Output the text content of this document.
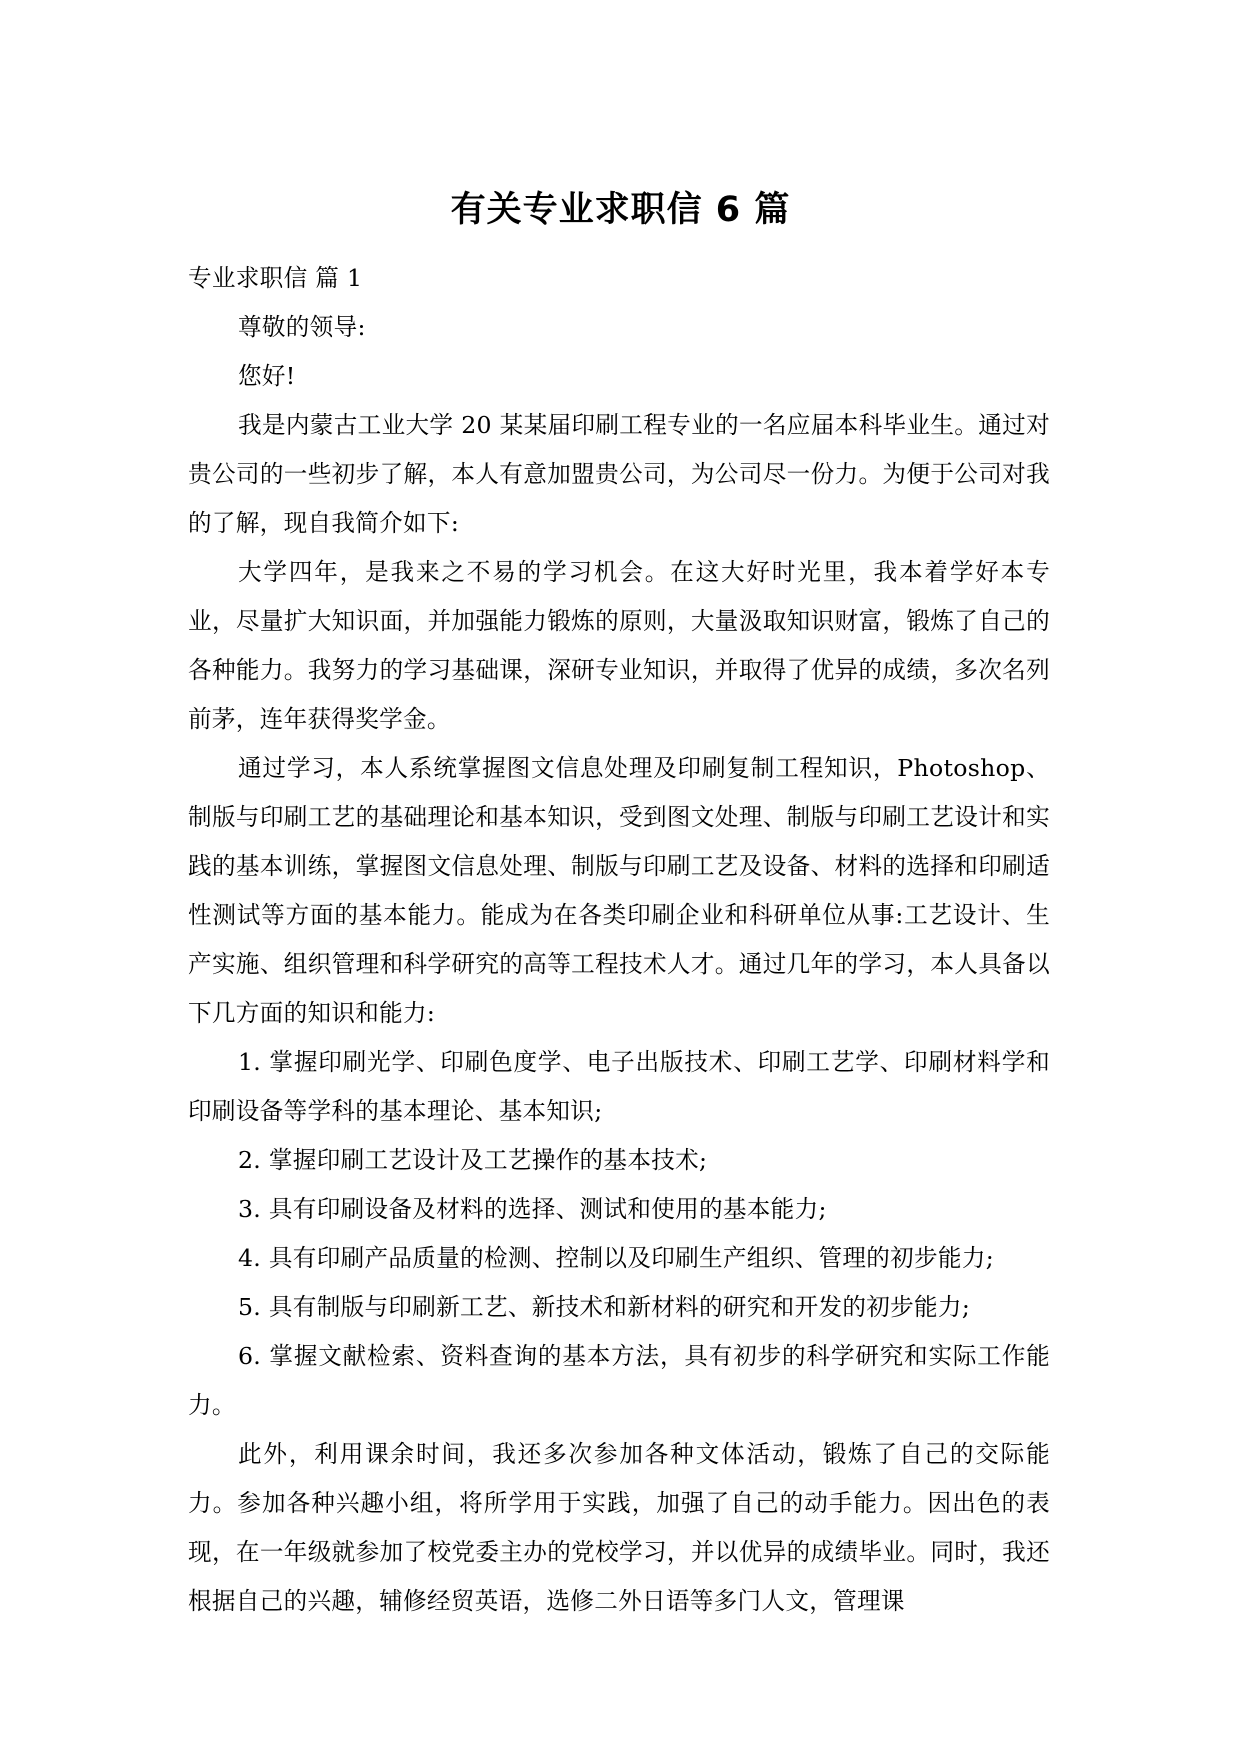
有关专业求职信 6 篇

专业求职信 篇 1

尊敬的领导:

您好!

我是内蒙古工业大学 20 某某届印刷工程专业的一名应届本科毕业生。通过对贵公司的一些初步了解，本人有意加盟贵公司，为公司尽一份力。为便于公司对我的了解，现自我简介如下:

大学四年，是我来之不易的学习机会。在这大好时光里，我本着学好本专业，尽量扩大知识面，并加强能力锻炼的原则，大量汲取知识财富，锻炼了自己的各种能力。我努力的学习基础课，深研专业知识，并取得了优异的成绩，多次名列前茅，连年获得奖学金。

通过学习，本人系统掌握图文信息处理及印刷复制工程知识，Photoshop、制版与印刷工艺的基础理论和基本知识，受到图文处理、制版与印刷工艺设计和实践的基本训练，掌握图文信息处理、制版与印刷工艺及设备、材料的选择和印刷适性测试等方面的基本能力。能成为在各类印刷企业和科研单位从事:工艺设计、生产实施、组织管理和科学研究的高等工程技术人才。通过几年的学习，本人具备以下几方面的知识和能力:

1. 掌握印刷光学、印刷色度学、电子出版技术、印刷工艺学、印刷材料学和印刷设备等学科的基本理论、基本知识;

2. 掌握印刷工艺设计及工艺操作的基本技术;

3. 具有印刷设备及材料的选择、测试和使用的基本能力;

4. 具有印刷产品质量的检测、控制以及印刷生产组织、管理的初步能力;

5. 具有制版与印刷新工艺、新技术和新材料的研究和开发的初步能力;

6. 掌握文献检索、资料查询的基本方法，具有初步的科学研究和实际工作能力。

此外，利用课余时间，我还多次参加各种文体活动，锻炼了自己的交际能力。参加各种兴趣小组，将所学用于实践，加强了自己的动手能力。因出色的表现，在一年级就参加了校党委主办的党校学习，并以优异的成绩毕业。同时，我还根据自己的兴趣，辅修经贸英语，选修二外日语等多门人文，管理课
